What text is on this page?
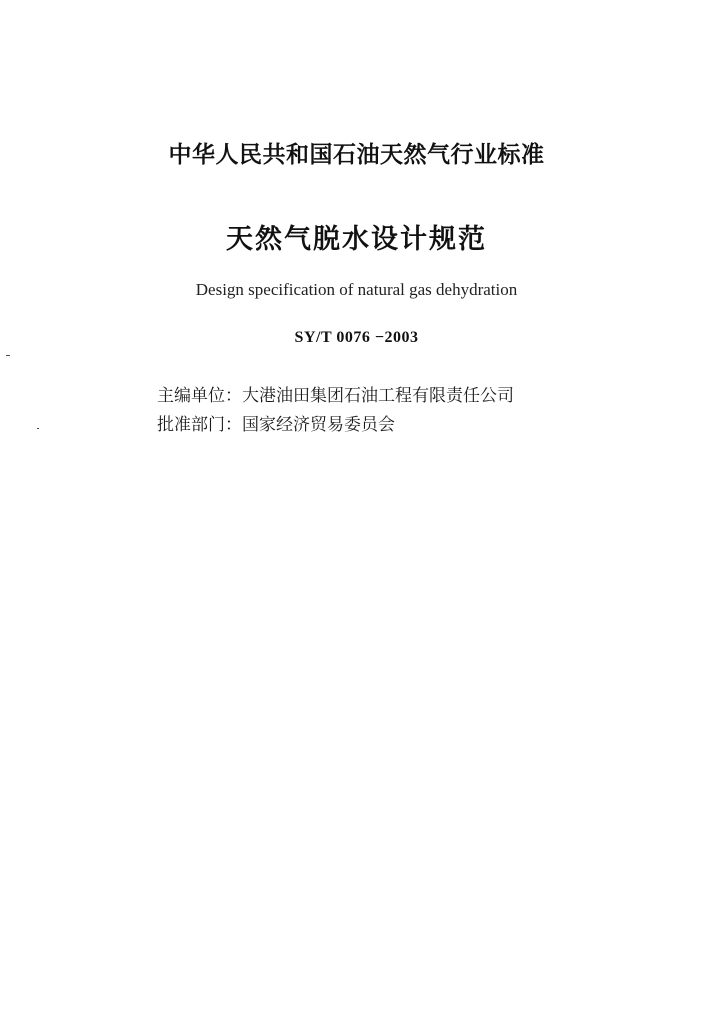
中华人民共和国石油天然气行业标准
天然气脱水设计规范
Design specification of natural gas dehydration
SY/T 0076 −2003
主编单位：大港油田集团石油工程有限责任公司
批准部门：国家经济贸易委员会
